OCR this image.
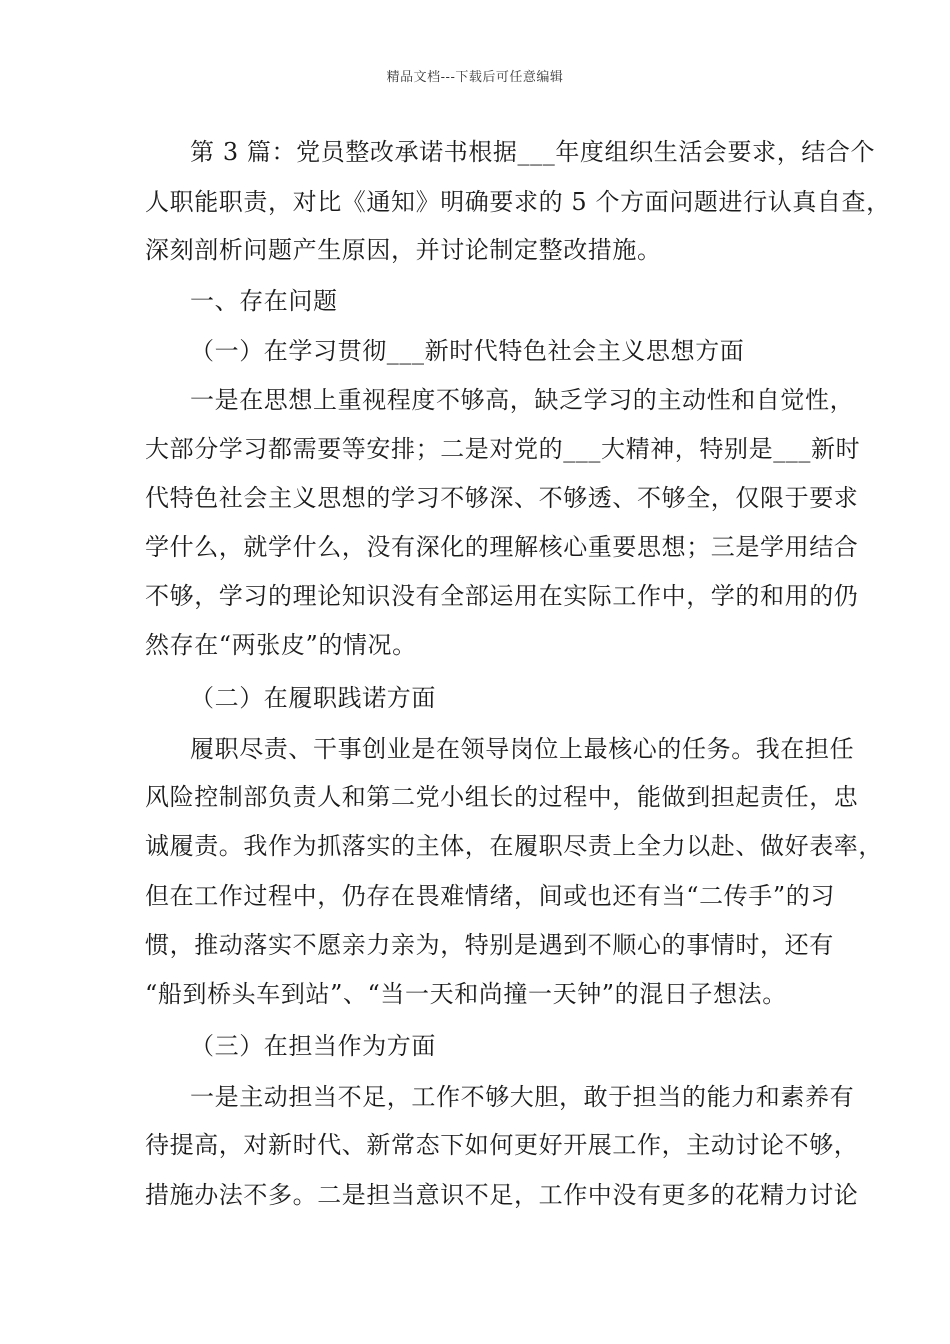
精品文档---下载后可任意编辑
第 3 篇：党员整改承诺书根据___年度组织生活会要求，结合个
人职能职责，对比《通知》明确要求的 5 个方面问题进行认真自查，
深刻剖析问题产生原因，并讨论制定整改措施。
一、存在问题
（一）在学习贯彻___新时代特色社会主义思想方面
一是在思想上重视程度不够高，缺乏学习的主动性和自觉性，
大部分学习都需要等安排；二是对党的___大精神，特别是___新时
代特色社会主义思想的学习不够深、不够透、不够全，仅限于要求
学什么，就学什么，没有深化的理解核心重要思想；三是学用结合
不够，学习的理论知识没有全部运用在实际工作中，学的和用的仍
然存在“两张皮”的情况。
（二）在履职践诺方面
履职尽责、干事创业是在领导岗位上最核心的任务。我在担任
风险控制部负责人和第二党小组长的过程中，能做到担起责任，忠
诚履责。我作为抓落实的主体，在履职尽责上全力以赴、做好表率，
但在工作过程中，仍存在畏难情绪，间或也还有当“二传手”的习
惯，推动落实不愿亲力亲为，特别是遇到不顺心的事情时，还有
“船到桥头车到站”、“当一天和尚撞一天钟”的混日子想法。
（三）在担当作为方面
一是主动担当不足，工作不够大胆，敢于担当的能力和素养有
待提高，对新时代、新常态下如何更好开展工作，主动讨论不够，
措施办法不多。二是担当意识不足，工作中没有更多的花精力讨论
